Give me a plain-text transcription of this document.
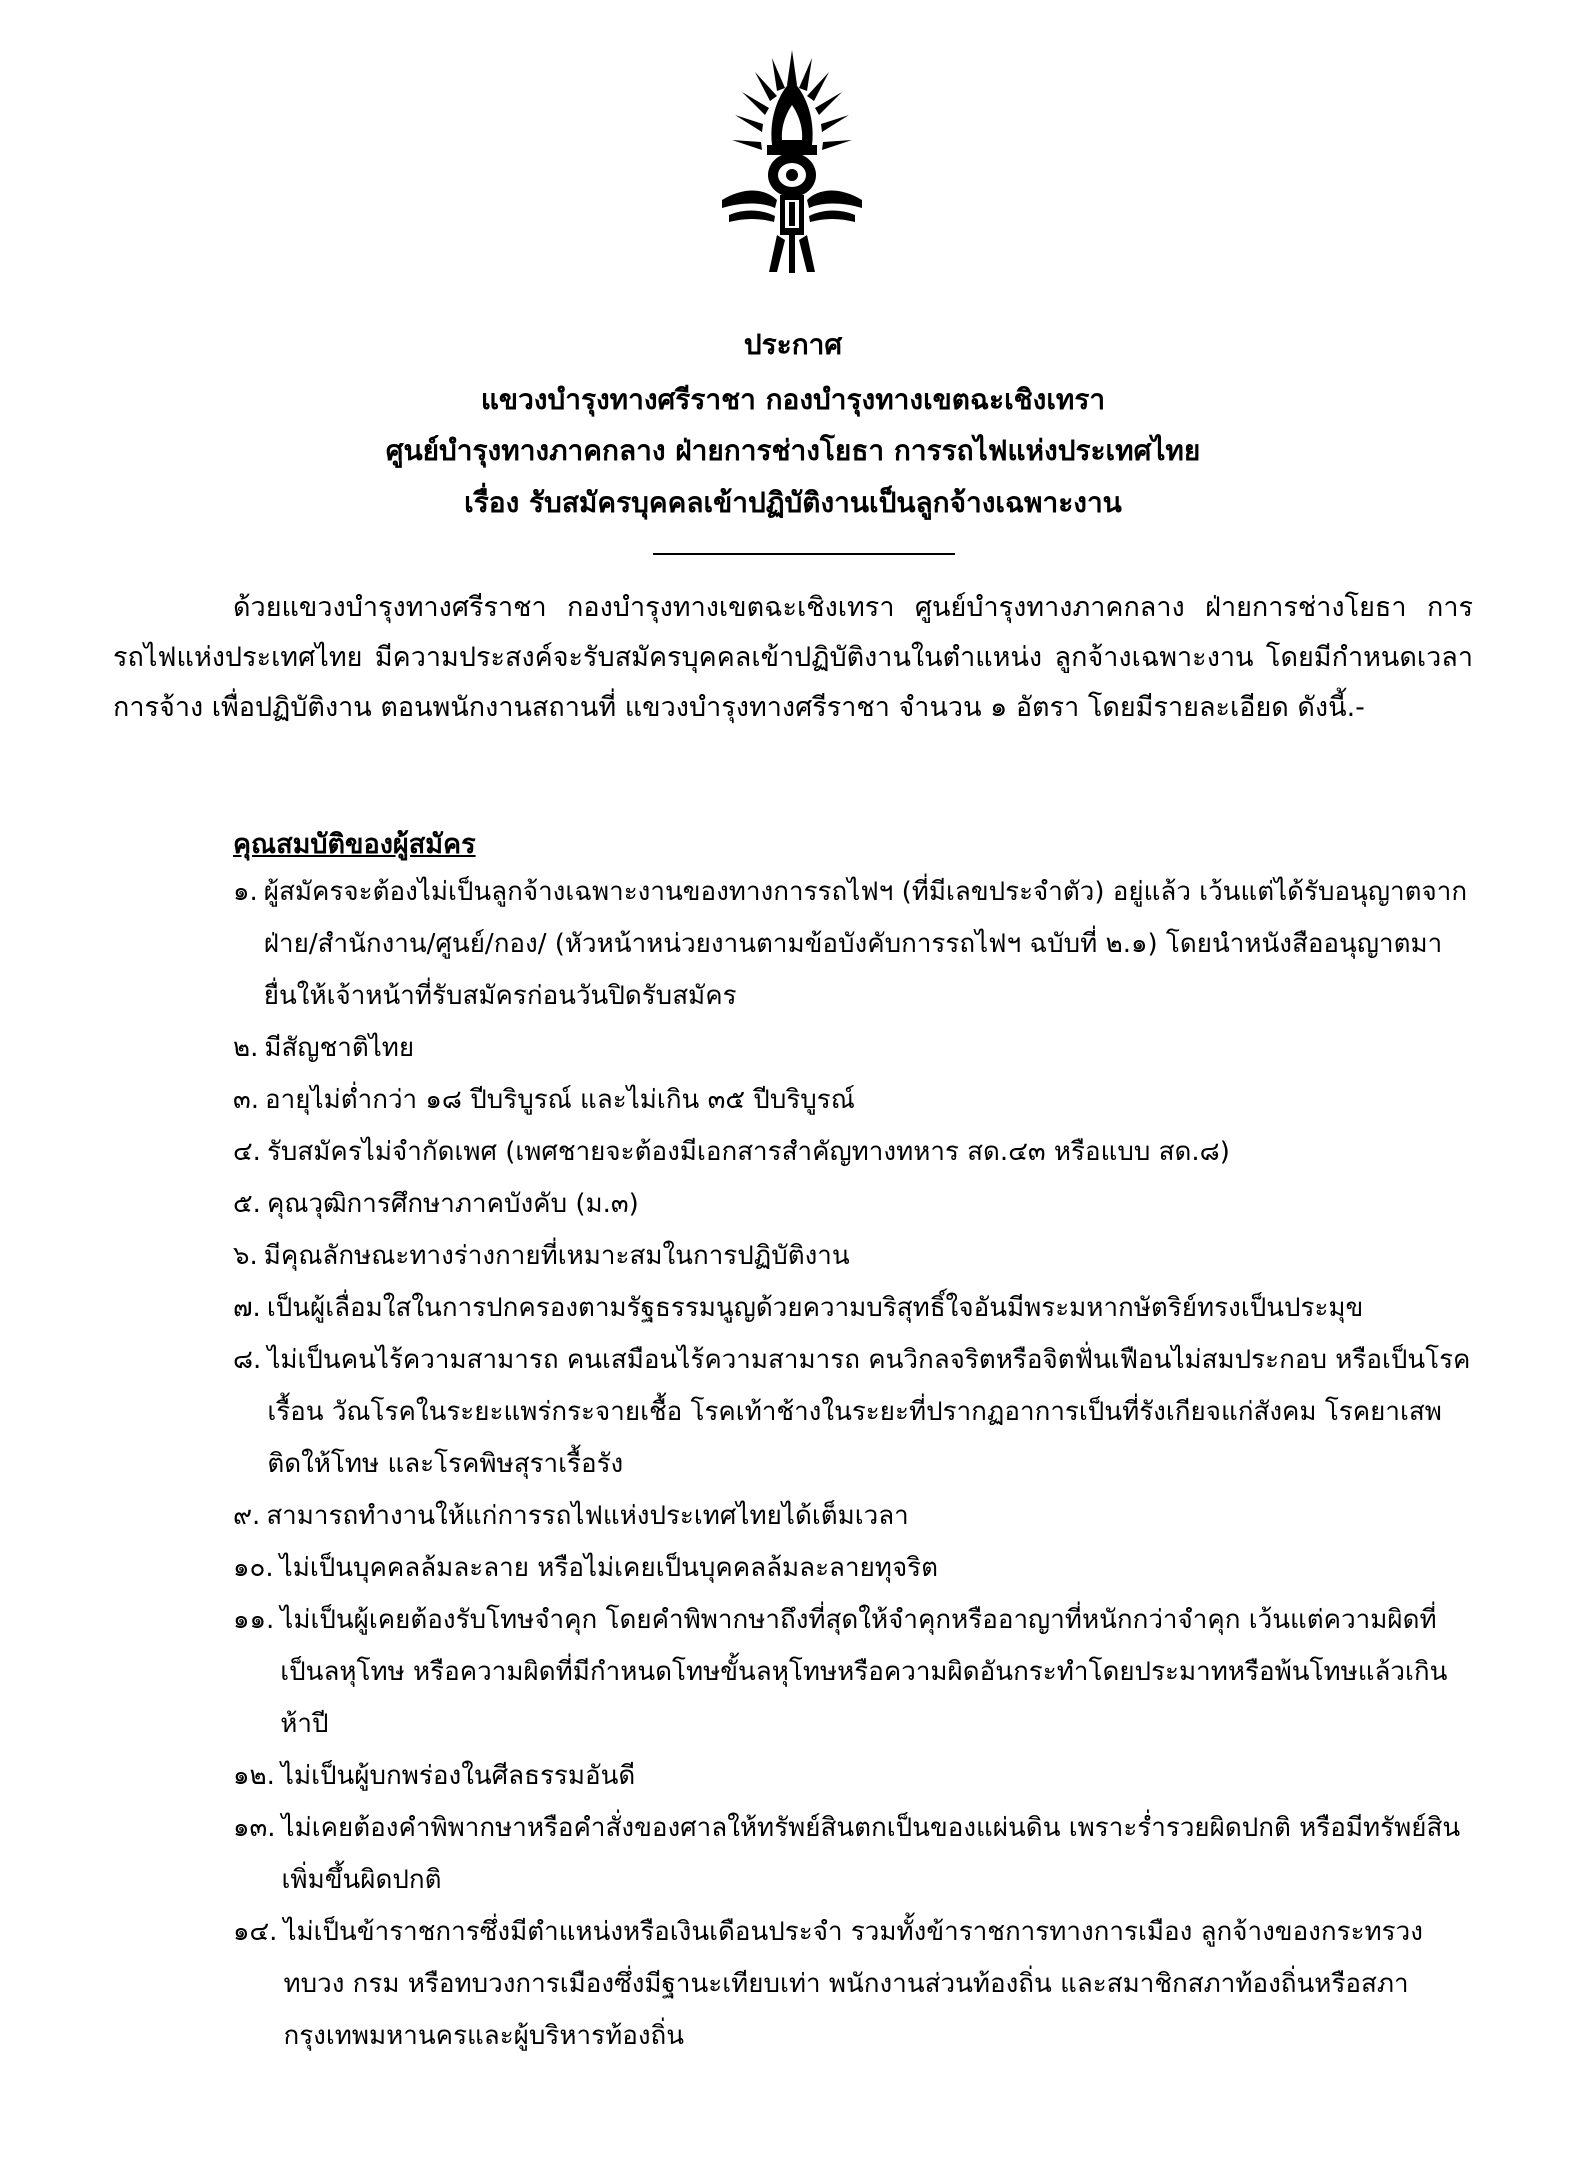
ประกาศ
แขวงบำรุงทางศรีราชา กองบำรุงทางเขตฉะเชิงเทรา
ศูนย์บำรุงทางภาคกลาง ฝ่ายการช่างโยธา การรถไฟแห่งประเทศไทย
เรื่อง รับสมัครบุคคลเข้าปฏิบัติงานเป็นลูกจ้างเฉพาะงาน
ด้วยแขวงบำรุงทางศรีราชา กองบำรุงทางเขตฉะเชิงเทรา ศูนย์บำรุงทางภาคกลาง ฝ่ายการช่างโยธา การรถไฟแห่งประเทศไทย มีความประสงค์จะรับสมัครบุคคลเข้าปฏิบัติงานในตำแหน่ง ลูกจ้างเฉพาะงาน โดยมีกำหนดเวลาการจ้าง เพื่อปฏิบัติงาน ตอนพนักงานสถานที่ แขวงบำรุงทางศรีราชา จำนวน ๑ อัตรา โดยมีรายละเอียด ดังนี้.-
คุณสมบัติของผู้สมัคร
๑. ผู้สมัครจะต้องไม่เป็นลูกจ้างเฉพาะงานของทางการรถไฟฯ (ที่มีเลขประจำตัว) อยู่แล้ว เว้นแต่ได้รับอนุญาตจากฝ่าย/สำนักงาน/ศูนย์/กอง/ (หัวหน้าหน่วยงานตามข้อบังคับการรถไฟฯ ฉบับที่ ๒.๑) โดยนำหนังสืออนุญาตมายื่นให้เจ้าหน้าที่รับสมัครก่อนวันปิดรับสมัคร
๒. มีสัญชาติไทย
๓. อายุไม่ต่ำกว่า ๑๘ ปีบริบูรณ์ และไม่เกิน ๓๕ ปีบริบูรณ์
๔. รับสมัครไม่จำกัดเพศ (เพศชายจะต้องมีเอกสารสำคัญทางทหาร สด.๔๓ หรือแบบ สด.๘)
๕. คุณวุฒิการศึกษาภาคบังคับ (ม.๓)
๖. มีคุณลักษณะทางร่างกายที่เหมาะสมในการปฏิบัติงาน
๗. เป็นผู้เลื่อมใสในการปกครองตามรัฐธรรมนูญด้วยความบริสุทธิ์ใจอันมีพระมหากษัตริย์ทรงเป็นประมุข
๘. ไม่เป็นคนไร้ความสามารถ คนเสมือนไร้ความสามารถ คนวิกลจริตหรือจิตฟั่นเฟือนไม่สมประกอบ หรือเป็นโรคเรื้อน วัณโรคในระยะแพร่กระจายเชื้อ โรคเท้าช้างในระยะที่ปรากฏอาการเป็นที่รังเกียจแก่สังคม โรคยาเสพติดให้โทษ และโรคพิษสุราเรื้อรัง
๙. สามารถทำงานให้แก่การรถไฟแห่งประเทศไทยได้เต็มเวลา
๑๐. ไม่เป็นบุคคลล้มละลาย หรือไม่เคยเป็นบุคคลล้มละลายทุจริต
๑๑. ไม่เป็นผู้เคยต้องรับโทษจำคุก โดยคำพิพากษาถึงที่สุดให้จำคุกหรืออาญาที่หนักกว่าจำคุก เว้นแต่ความผิดที่เป็นลหุโทษ หรือความผิดที่มีกำหนดโทษขั้นลหุโทษหรือความผิดอันกระทำโดยประมาทหรือพ้นโทษแล้วเกินห้าปี
๑๒. ไม่เป็นผู้บกพร่องในศีลธรรมอันดี
๑๓. ไม่เคยต้องคำพิพากษาหรือคำสั่งของศาลให้ทรัพย์สินตกเป็นของแผ่นดิน เพราะร่ำรวยผิดปกติ หรือมีทรัพย์สินเพิ่มขึ้นผิดปกติ
๑๔. ไม่เป็นข้าราชการซึ่งมีตำแหน่งหรือเงินเดือนประจำ รวมทั้งข้าราชการทางการเมือง ลูกจ้างของกระทรวง ทบวง กรม หรือทบวงการเมืองซึ่งมีฐานะเทียบเท่า พนักงานส่วนท้องถิ่น และสมาชิกสภาท้องถิ่นหรือสภากรุงเทพมหานครและผู้บริหารท้องถิ่น
